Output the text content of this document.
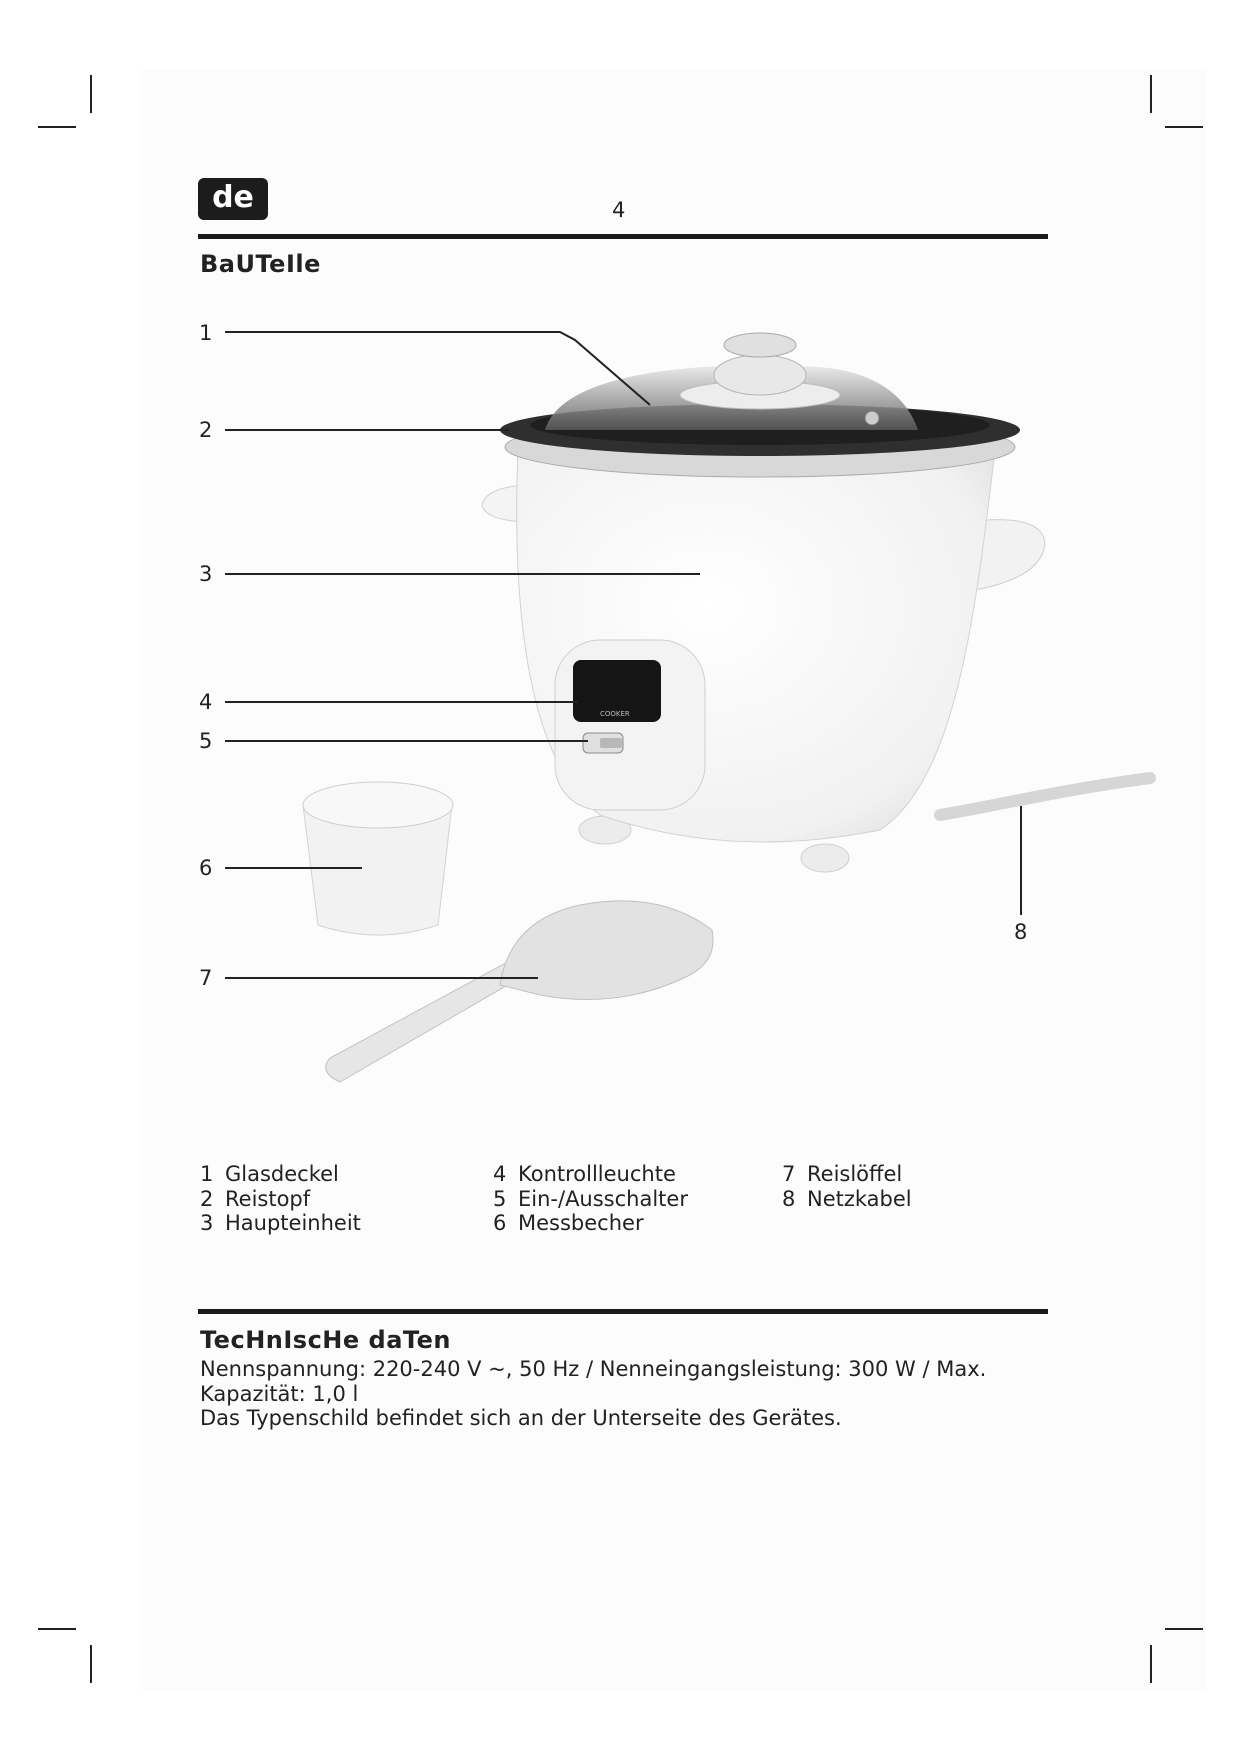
de	4
BaUTeIle
COOKER
1
2
3
4
5
6
7
8
1 Glasdeckel
2 Reistopf
3 Haupteinheit
4 Kontrollleuchte
5 Ein-/Ausschalter
6 Messbecher
7 Reislöffel
8 Netzkabel
TecHnIscHe daTen
Nennspannung: 220-240 V ~, 50 Hz / Nenneingangsleistung: 300 W / Max.
Kapazität: 1,0 l
Das Typenschild befindet sich an der Unterseite des Gerätes.
